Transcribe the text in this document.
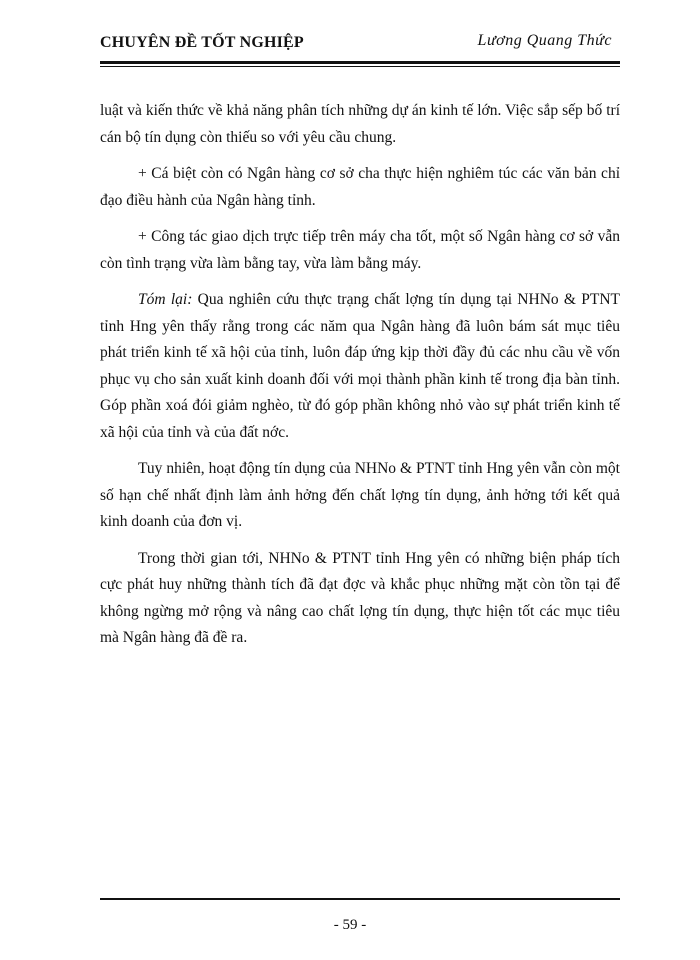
CHUYÊN ĐỀ TỐT NGHIỆP	Lương Quang Thức

luật và kiến thức về khả năng phân tích những dự án kinh tế lớn. Việc sắp sếp bố trí cán bộ tín dụng còn thiếu so với yêu cầu chung.

+ Cá biệt còn có Ngân hàng cơ sở cha thực hiện nghiêm túc các văn bản chỉ đạo điều hành của Ngân hàng tỉnh.

+ Công tác giao dịch trực tiếp trên máy cha tốt, một số Ngân hàng cơ sở vẫn còn tình trạng vừa làm bằng tay, vừa làm bằng máy.

Tóm lại: Qua nghiên cứu thực trạng chất lợng tín dụng tại NHNo & PTNT tỉnh Hng yên thấy rằng trong các năm qua Ngân hàng đã luôn bám sát mục tiêu phát triển kinh tế xã hội của tỉnh, luôn đáp ứng kịp thời đầy đủ các nhu cầu về vốn phục vụ cho sản xuất kinh doanh đối với mọi thành phần kinh tế trong địa bàn tỉnh. Góp phần xoá đói giảm nghèo, từ đó góp phần không nhỏ vào sự phát triển kinh tế xã hội của tỉnh và của đất nớc.

Tuy nhiên, hoạt động tín dụng của NHNo & PTNT tỉnh Hng yên vẫn còn một số hạn chế nhất định làm ảnh hởng đến chất lợng tín dụng, ảnh hởng tới kết quả kinh doanh của đơn vị.

Trong thời gian tới, NHNo & PTNT tỉnh Hng yên có những biện pháp tích cực phát huy những thành tích đã đạt đợc và khắc phục những mặt còn tồn tại để không ngừng mở rộng và nâng cao chất lợng tín dụng, thực hiện tốt các mục tiêu mà Ngân hàng đã đề ra.

- 59 -
